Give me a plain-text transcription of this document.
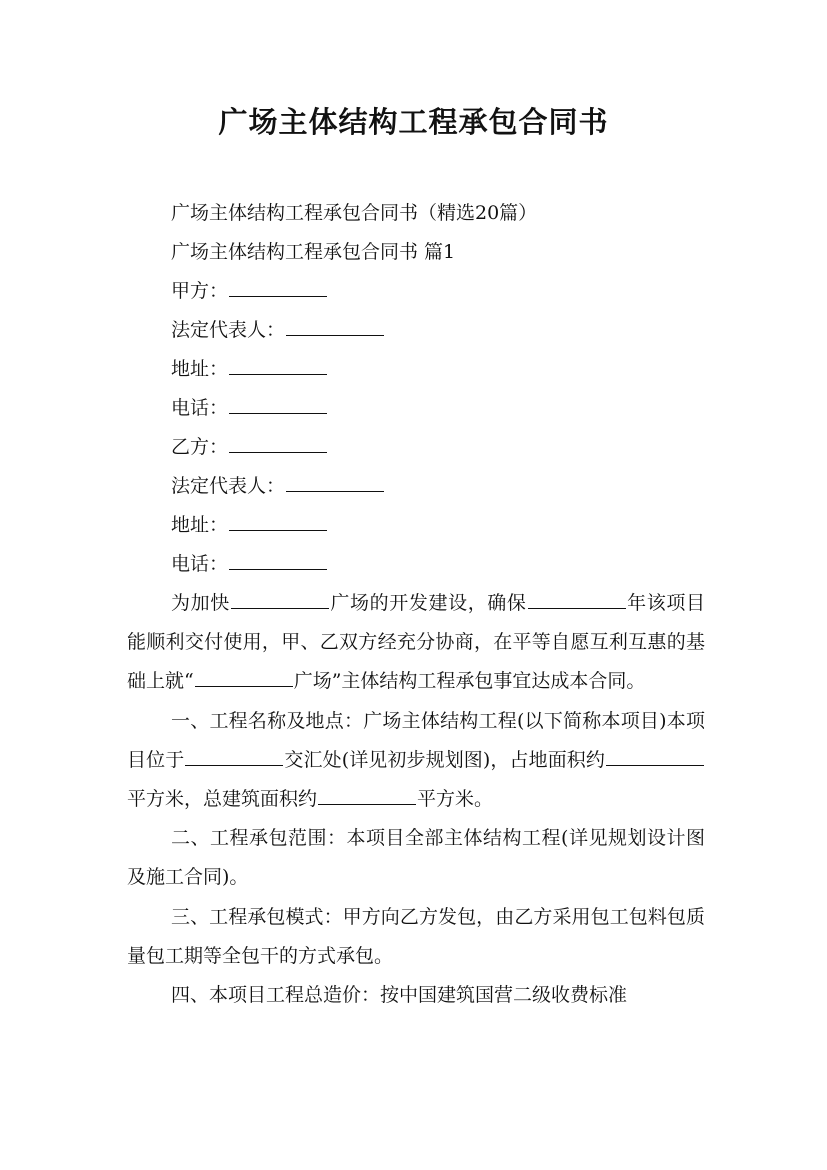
广场主体结构工程承包合同书
广场主体结构工程承包合同书（精选20篇）
广场主体结构工程承包合同书 篇1
甲方：
法定代表人：
地址：
电话：
乙方：
法定代表人：
地址：
电话：
为加快	广场的开发建设，确保	年该项目能顺利交付使用，甲、乙双方经充分协商，在平等自愿互利互惠的基础上就“	广场”主体结构工程承包事宜达成本合同。
一、工程名称及地点：广场主体结构工程(以下简称本项目)本项目位于	交汇处(详见初步规划图)，占地面积约平方米，总建筑面积约	平方米。
二、工程承包范围：本项目全部主体结构工程(详见规划设计图及施工合同)。
三、工程承包模式：甲方向乙方发包，由乙方采用包工包料包质量包工期等全包干的方式承包。
四、本项目工程总造价：按中国建筑国营二级收费标准
